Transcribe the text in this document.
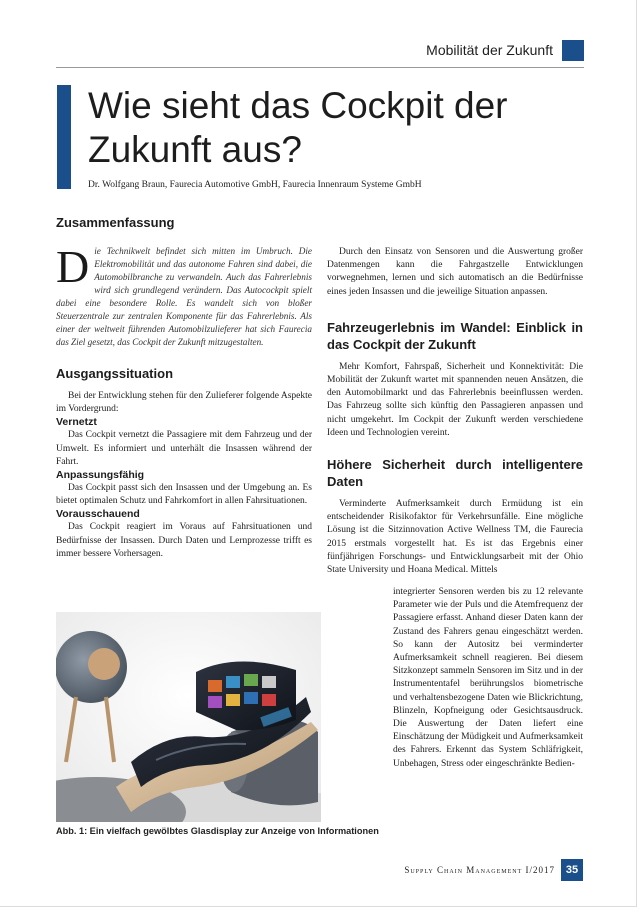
Mobilität der Zukunft
Wie sieht das Cockpit der Zukunft aus?
Dr. Wolfgang Braun, Faurecia Automotive GmbH, Faurecia Innenraum Systeme GmbH
Zusammenfassung
Die Technikwelt befindet sich mitten im Umbruch. Die Elektromobilität und das autonome Fahren sind dabei, die Automobilbranche zu verwandeln. Auch das Fahrerlebnis wird sich grundlegend verändern. Das Autocockpit spielt dabei eine besondere Rolle. Es wandelt sich von bloßer Steuerzentrale zur zentralen Komponente für das Fahrerlebnis. Als einer der weltweit führenden Automobilzulieferer hat sich Faurecia das Ziel gesetzt, das Cockpit der Zukunft mitzugestalten.
Ausgangssituation

Bei der Entwicklung stehen für den Zulieferer folgende Aspekte im Vordergrund:

Vernetzt

Das Cockpit vernetzt die Passagiere mit dem Fahrzeug und der Umwelt. Es informiert und unterhält die Insassen während der Fahrt.

Anpassungsfähig

Das Cockpit passt sich den Insassen und der Umgebung an. Es bietet optimalen Schutz und Fahrkomfort in allen Fahrsituationen.

Vorausschauend

Das Cockpit reagiert im Voraus auf Fahrsituationen und Bedürfnisse der Insassen. Durch Daten und Lernprozesse trifft es immer bessere Vorhersagen.

Durch den Einsatz von Sensoren und die Auswertung großer Datenmengen kann die Fahrgastzelle Entwicklungen vorwegnehmen, lernen und sich automatisch an die Bedürfnisse eines jeden Insassen und die jeweilige Situation anpassen.

Fahrzeugerlebnis im Wandel: Einblick in das Cockpit der Zukunft

Mehr Komfort, Fahrspaß, Sicherheit und Konnektivität: Die Mobilität der Zukunft wartet mit spannenden neuen Ansätzen, die den Automobilmarkt und das Fahrerlebnis beeinflussen werden. Das Fahrzeug sollte sich künftig den Passagieren anpassen und nicht umgekehrt. Im Cockpit der Zukunft werden verschiedene Ideen und Technologien vereint.

Höhere Sicherheit durch intelligentere Daten

Verminderte Aufmerksamkeit durch Ermüdung ist ein entscheidender Risikofaktor für Verkehrsunfälle. Eine mögliche Lösung ist die Sitzinnovation Active Wellness TM, die Faurecia 2015 erstmals vorgestellt hat. Es ist das Ergebnis einer fünfjährigen Forschungs- und Entwicklungsarbeit mit der Ohio State University und Hoana Medical. Mittels

integrierter Sensoren werden bis zu 12 relevante Parameter wie der Puls und die Atemfrequenz der Passagiere erfasst. Anhand dieser Daten kann der Zustand des Fahrers genau eingeschätzt werden. So kann der Autositz bei verminderter Aufmerksamkeit schnell reagieren. Bei diesem Sitzkonzept sammeln Sensoren im Sitz und in der Instrumententafel berührungslos biometrische und verhaltensbezogene Daten wie Blickrichtung, Blinzeln, Kopfneigung oder Gesichtsausdruck. Die Auswertung der Daten liefert eine Einschätzung der Müdigkeit und Aufmerksamkeit des Fahrers. Erkennt das System Schläfrigkeit, Unbehagen, Stress oder eingeschränkte Bedien-
Abb. 1: Ein vielfach gewölbtes Glasdisplay zur Anzeige von Informationen
Supply Chain Management I/2017 35
